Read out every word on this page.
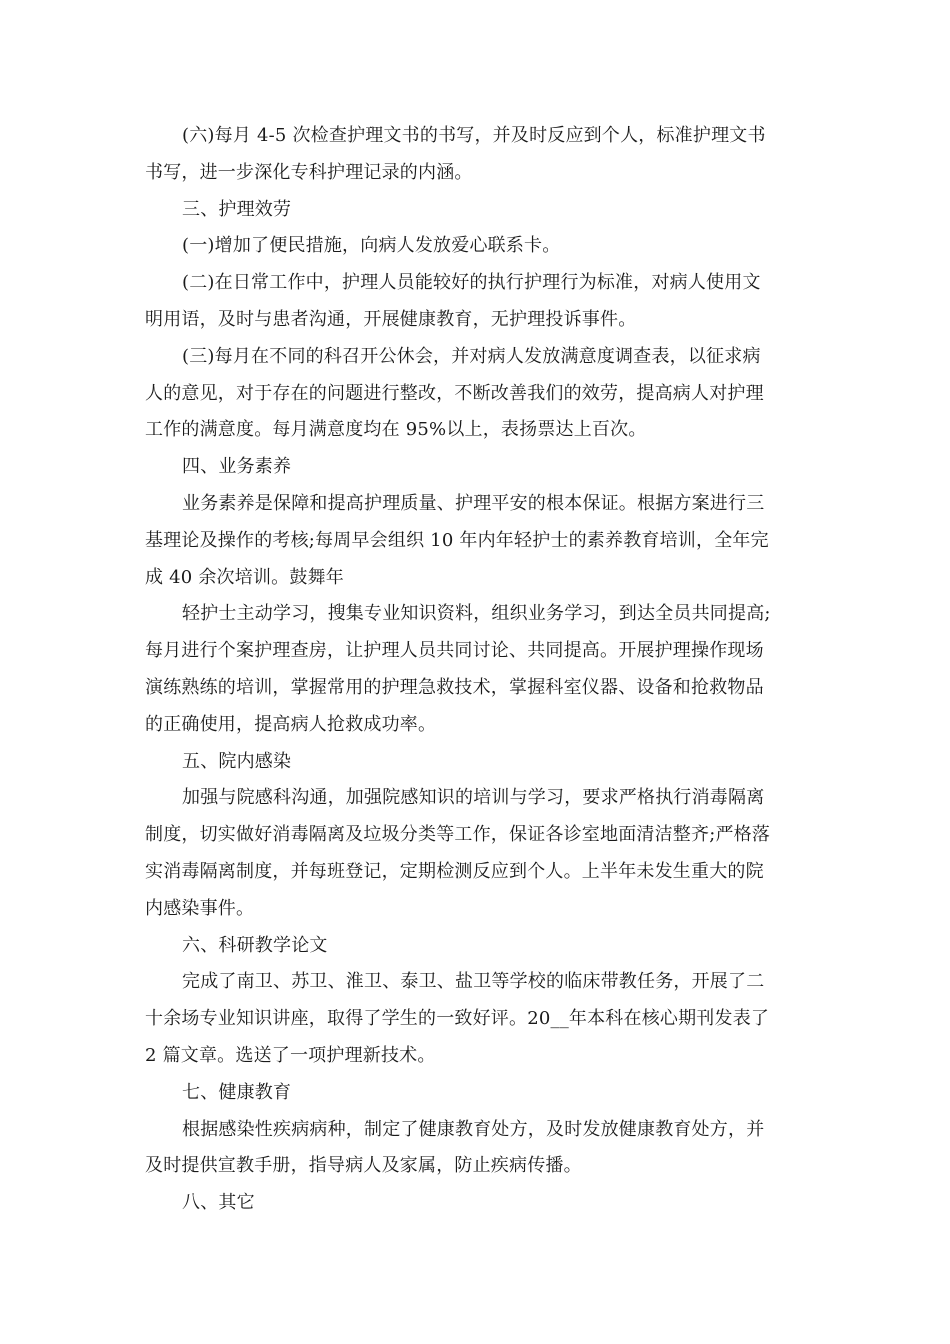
(六)每月 4-5 次检查护理文书的书写，并及时反应到个人，标准护理文书
书写，进一步深化专科护理记录的内涵。
三、护理效劳
(一)增加了便民措施，向病人发放爱心联系卡。
(二)在日常工作中，护理人员能较好的执行护理行为标准，对病人使用文
明用语，及时与患者沟通，开展健康教育，无护理投诉事件。
(三)每月在不同的科召开公休会，并对病人发放满意度调查表，以征求病
人的意见，对于存在的问题进行整改，不断改善我们的效劳，提高病人对护理
工作的满意度。每月满意度均在 95%以上，表扬票达上百次。
四、业务素养
业务素养是保障和提高护理质量、护理平安的根本保证。根据方案进行三
基理论及操作的考核;每周早会组织 10 年内年轻护士的素养教育培训，全年完
成 40 余次培训。鼓舞年
轻护士主动学习，搜集专业知识资料，组织业务学习，到达全员共同提高;
每月进行个案护理查房，让护理人员共同讨论、共同提高。开展护理操作现场
演练熟练的培训，掌握常用的护理急救技术，掌握科室仪器、设备和抢救物品
的正确使用，提高病人抢救成功率。
五、院内感染
加强与院感科沟通，加强院感知识的培训与学习，要求严格执行消毒隔离
制度，切实做好消毒隔离及垃圾分类等工作，保证各诊室地面清洁整齐;严格落
实消毒隔离制度，并每班登记，定期检测反应到个人。上半年未发生重大的院
内感染事件。
六、科研教学论文
完成了南卫、苏卫、淮卫、泰卫、盐卫等学校的临床带教任务，开展了二
十余场专业知识讲座，取得了学生的一致好评。20__年本科在核心期刊发表了
2 篇文章。选送了一项护理新技术。
七、健康教育
根据感染性疾病病种，制定了健康教育处方，及时发放健康教育处方，并
及时提供宣教手册，指导病人及家属，防止疾病传播。
八、其它
